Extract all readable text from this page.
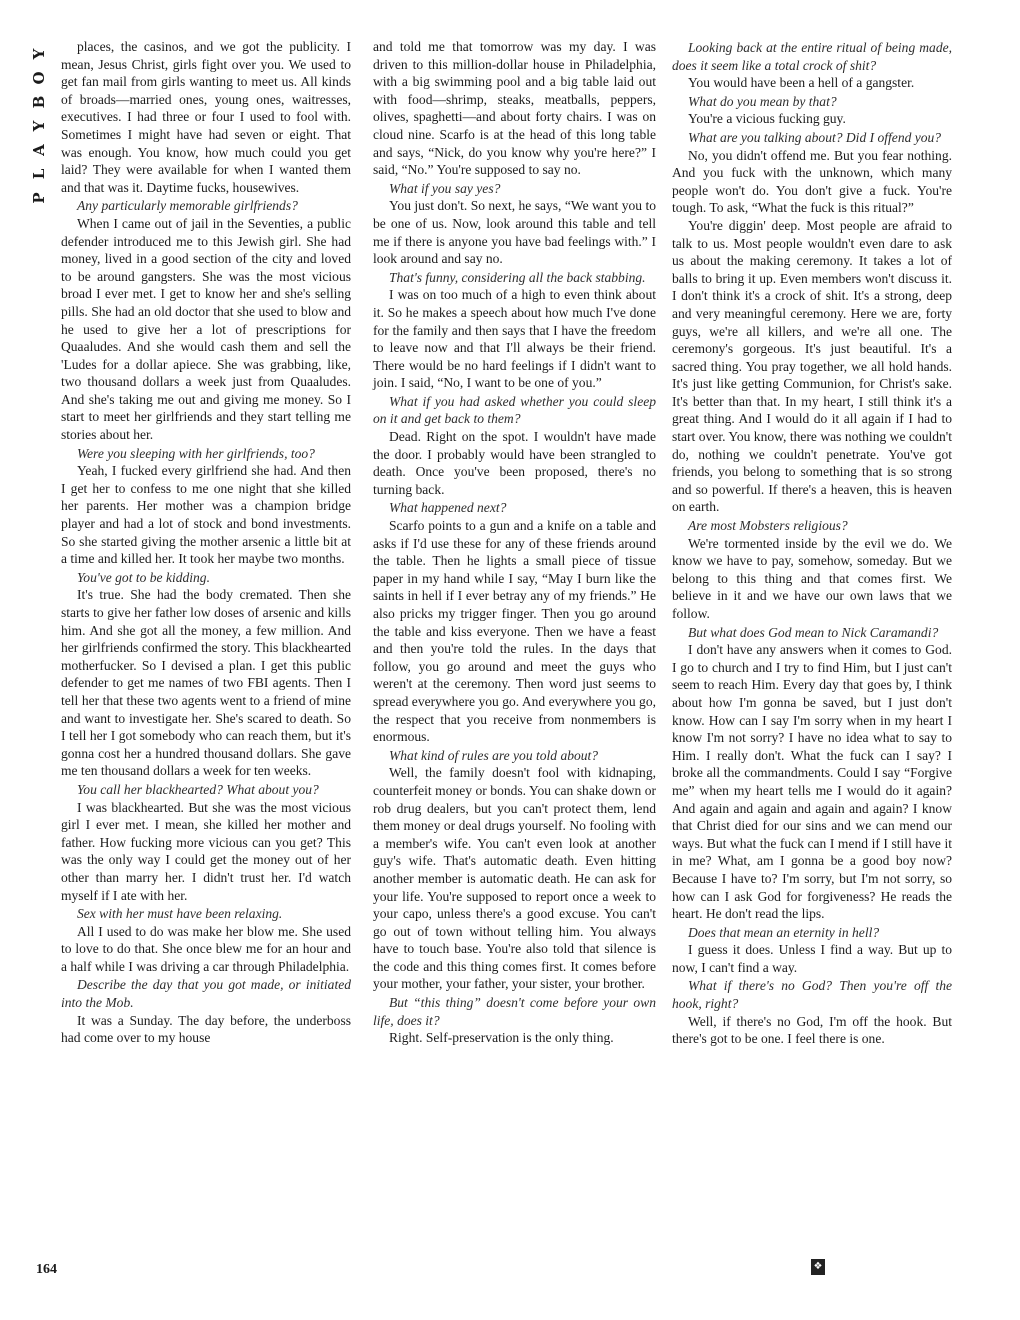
Y
O
B
Y
A
L
P

places, the casinos, and we got the publicity. I mean, Jesus Christ, girls fight over you. We used to get fan mail from girls wanting to meet us. All kinds of broads—married ones, young ones, waitresses, executives. I had three or four I used to fool with. Sometimes I might have had seven or eight. That was enough. You know, how much could you get laid? They were available for when I wanted them and that was it. Daytime fucks, housewives.

Any particularly memorable girlfriends?

When I came out of jail in the Seventies, a public defender introduced me to this Jewish girl. She had money, lived in a good section of the city and loved to be around gangsters. She was the most vicious broad I ever met. I get to know her and she's selling pills. She had an old doctor that she used to blow and he used to give her a lot of prescriptions for Quaaludes. And she would cash them and sell the 'Ludes for a dollar apiece. She was grabbing, like, two thousand dollars a week just from Quaaludes. And she's taking me out and giving me money. So I start to meet her girlfriends and they start telling me stories about her.

Were you sleeping with her girlfriends, too?

Yeah, I fucked every girlfriend she had. And then I get her to confess to me one night that she killed her parents. Her mother was a champion bridge player and had a lot of stock and bond investments. So she started giving the mother arsenic a little bit at a time and killed her. It took her maybe two months.

You've got to be kidding.

It's true. She had the body cremated. Then she starts to give her father low doses of arsenic and kills him. And she got all the money, a few million. And her girlfriends confirmed the story. This blackhearted motherfucker. So I devised a plan. I get this public defender to get me names of two FBI agents. Then I tell her that these two agents went to a friend of mine and want to investigate her. She's scared to death. So I tell her I got somebody who can reach them, but it's gonna cost her a hundred thousand dollars. She gave me ten thousand dollars a week for ten weeks.

You call her blackhearted? What about you?

I was blackhearted. But she was the most vicious girl I ever met. I mean, she killed her mother and father. How fucking more vicious can you get? This was the only way I could get the money out of her other than marry her. I didn't trust her. I'd watch myself if I ate with her.

Sex with her must have been relaxing.

All I used to do was make her blow me. She used to love to do that. She once blew me for an hour and a half while I was driving a car through Philadelphia.

Describe the day that you got made, or initiated into the Mob.

It was a Sunday. The day before, the underboss had come over to my house

and told me that tomorrow was my day. I was driven to this million-dollar house in Philadelphia, with a big swimming pool and a big table laid out with food—shrimp, steaks, meatballs, peppers, olives, spaghetti—and about forty chairs. I was on cloud nine. Scarfo is at the head of this long table and says, “Nick, do you know why you're here?” I said, “No.” You're supposed to say no.

What if you say yes?

You just don't. So next, he says, “We want you to be one of us. Now, look around this table and tell me if there is anyone you have bad feelings with.” I look around and say no.

That's funny, considering all the back stabbing.

I was on too much of a high to even think about it. So he makes a speech about how much I've done for the family and then says that I have the freedom to leave now and that I'll always be their friend. There would be no hard feelings if I didn't want to join. I said, “No, I want to be one of you.”

What if you had asked whether you could sleep on it and get back to them?

Dead. Right on the spot. I wouldn't have made the door. I probably would have been strangled to death. Once you've been proposed, there's no turning back.

What happened next?

Scarfo points to a gun and a knife on a table and asks if I'd use these for any of these friends around the table. Then he lights a small piece of tissue paper in my hand while I say, “May I burn like the saints in hell if I ever betray any of my friends.” He also pricks my trigger finger. Then you go around the table and kiss everyone. Then we have a feast and then you're told the rules. In the days that follow, you go around and meet the guys who weren't at the ceremony. Then word just seems to spread everywhere you go. And everywhere you go, the respect that you receive from nonmembers is enormous.

What kind of rules are you told about?

Well, the family doesn't fool with kidnaping, counterfeit money or bonds. You can shake down or rob drug dealers, but you can't protect them, lend them money or deal drugs yourself. No fooling with a member's wife. You can't even look at another guy's wife. That's automatic death. Even hitting another member is automatic death. He can ask for your life. You're supposed to report once a week to your capo, unless there's a good excuse. You can't go out of town without telling him. You always have to touch base. You're also told that silence is the code and this thing comes first. It comes before your mother, your father, your sister, your brother.

But “this thing” doesn't come before your own life, does it?

Right. Self-preservation is the only thing.

Looking back at the entire ritual of being made, does it seem like a total crock of shit?

You would have been a hell of a gangster.

What do you mean by that?

You're a vicious fucking guy.

What are you talking about? Did I offend you?

No, you didn't offend me. But you fear nothing. And you fuck with the unknown, which many people won't do. You don't give a fuck. You're tough. To ask, “What the fuck is this ritual?”

You're diggin' deep. Most people are afraid to talk to us. Most people wouldn't even dare to ask us about the making ceremony. It takes a lot of balls to bring it up. Even members won't discuss it. I don't think it's a crock of shit. It's a strong, deep and very meaningful ceremony. Here we are, forty guys, we're all killers, and we're all one. The ceremony's gorgeous. It's just beautiful. It's a sacred thing. You pray together, we all hold hands. It's just like getting Communion, for Christ's sake. It's better than that. In my heart, I still think it's a great thing. And I would do it all again if I had to start over. You know, there was nothing we couldn't do, nothing we couldn't penetrate. You've got friends, you belong to something that is so strong and so powerful. If there's a heaven, this is heaven on earth.

Are most Mobsters religious?

We're tormented inside by the evil we do. We know we have to pay, somehow, someday. But we belong to this thing and that comes first. We believe in it and we have our own laws that we follow.

But what does God mean to Nick Caramandi?

I don't have any answers when it comes to God. I go to church and I try to find Him, but I just can't seem to reach Him. Every day that goes by, I think about how I'm gonna be saved, but I just don't know. How can I say I'm sorry when in my heart I know I'm not sorry? I have no idea what to say to Him. I really don't. What the fuck can I say? I broke all the commandments. Could I say “Forgive me” when my heart tells me I would do it again? And again and again and again and again? I know that Christ died for our sins and we can mend our ways. But what the fuck can I mend if I still have it in me? What, am I gonna be a good boy now? Because I have to? I'm sorry, but I'm not sorry, so how can I ask God for forgiveness? He reads the heart. He don't read the lips.

Does that mean an eternity in hell?

I guess it does. Unless I find a way. But up to now, I can't find a way.

What if there's no God? Then you're off the hook, right?

Well, if there's no God, I'm off the hook. But there's got to be one. I feel there is one.

164	❖
